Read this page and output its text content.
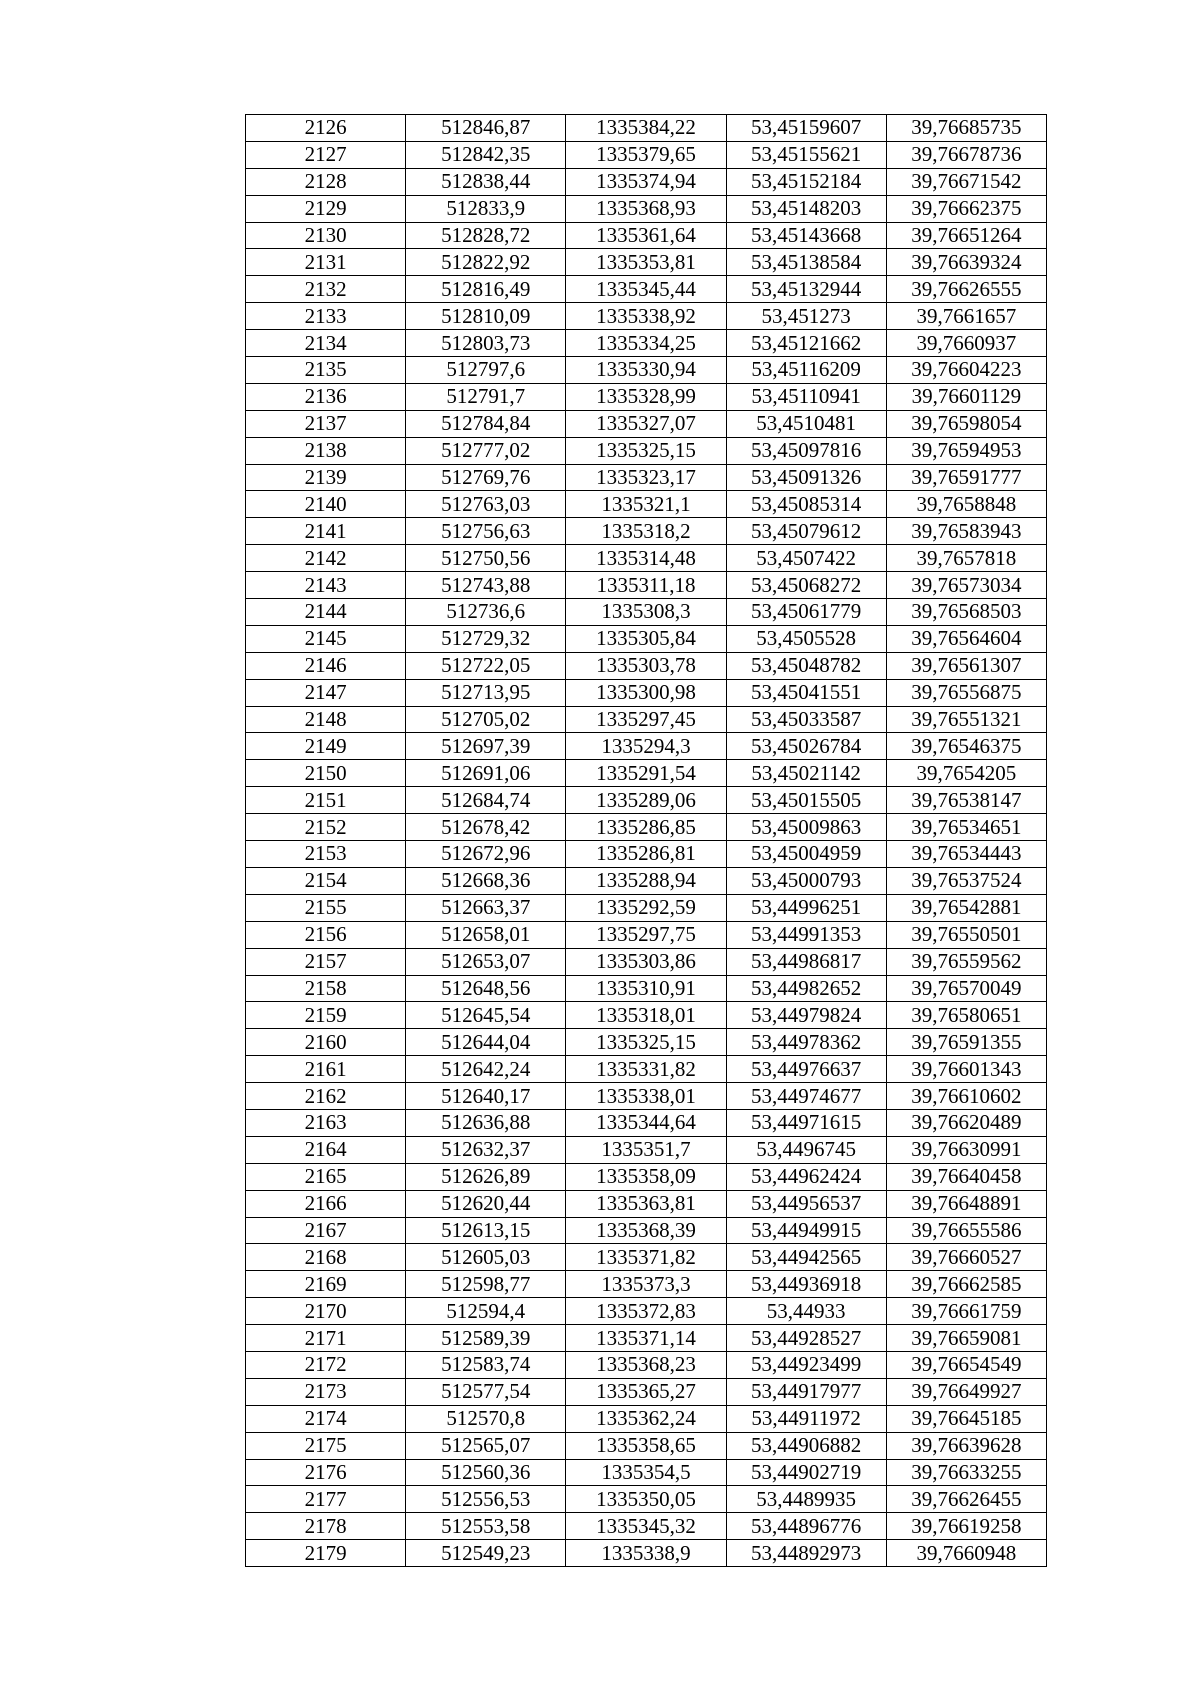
2126	512846,87	1335384,22	53,45159607	39,76685735
2127	512842,35	1335379,65	53,45155621	39,76678736
2128	512838,44	1335374,94	53,45152184	39,76671542
2129	512833,9	1335368,93	53,45148203	39,76662375
2130	512828,72	1335361,64	53,45143668	39,76651264
2131	512822,92	1335353,81	53,45138584	39,76639324
2132	512816,49	1335345,44	53,45132944	39,76626555
2133	512810,09	1335338,92	53,451273	39,7661657
2134	512803,73	1335334,25	53,45121662	39,7660937
2135	512797,6	1335330,94	53,45116209	39,76604223
2136	512791,7	1335328,99	53,45110941	39,76601129
2137	512784,84	1335327,07	53,4510481	39,76598054
2138	512777,02	1335325,15	53,45097816	39,76594953
2139	512769,76	1335323,17	53,45091326	39,76591777
2140	512763,03	1335321,1	53,45085314	39,7658848
2141	512756,63	1335318,2	53,45079612	39,76583943
2142	512750,56	1335314,48	53,4507422	39,7657818
2143	512743,88	1335311,18	53,45068272	39,76573034
2144	512736,6	1335308,3	53,45061779	39,76568503
2145	512729,32	1335305,84	53,4505528	39,76564604
2146	512722,05	1335303,78	53,45048782	39,76561307
2147	512713,95	1335300,98	53,45041551	39,76556875
2148	512705,02	1335297,45	53,45033587	39,76551321
2149	512697,39	1335294,3	53,45026784	39,76546375
2150	512691,06	1335291,54	53,45021142	39,7654205
2151	512684,74	1335289,06	53,45015505	39,76538147
2152	512678,42	1335286,85	53,45009863	39,76534651
2153	512672,96	1335286,81	53,45004959	39,76534443
2154	512668,36	1335288,94	53,45000793	39,76537524
2155	512663,37	1335292,59	53,44996251	39,76542881
2156	512658,01	1335297,75	53,44991353	39,76550501
2157	512653,07	1335303,86	53,44986817	39,76559562
2158	512648,56	1335310,91	53,44982652	39,76570049
2159	512645,54	1335318,01	53,44979824	39,76580651
2160	512644,04	1335325,15	53,44978362	39,76591355
2161	512642,24	1335331,82	53,44976637	39,76601343
2162	512640,17	1335338,01	53,44974677	39,76610602
2163	512636,88	1335344,64	53,44971615	39,76620489
2164	512632,37	1335351,7	53,4496745	39,76630991
2165	512626,89	1335358,09	53,44962424	39,76640458
2166	512620,44	1335363,81	53,44956537	39,76648891
2167	512613,15	1335368,39	53,44949915	39,76655586
2168	512605,03	1335371,82	53,44942565	39,76660527
2169	512598,77	1335373,3	53,44936918	39,76662585
2170	512594,4	1335372,83	53,44933	39,76661759
2171	512589,39	1335371,14	53,44928527	39,76659081
2172	512583,74	1335368,23	53,44923499	39,76654549
2173	512577,54	1335365,27	53,44917977	39,76649927
2174	512570,8	1335362,24	53,44911972	39,76645185
2175	512565,07	1335358,65	53,44906882	39,76639628
2176	512560,36	1335354,5	53,44902719	39,76633255
2177	512556,53	1335350,05	53,4489935	39,76626455
2178	512553,58	1335345,32	53,44896776	39,76619258
2179	512549,23	1335338,9	53,44892973	39,7660948
